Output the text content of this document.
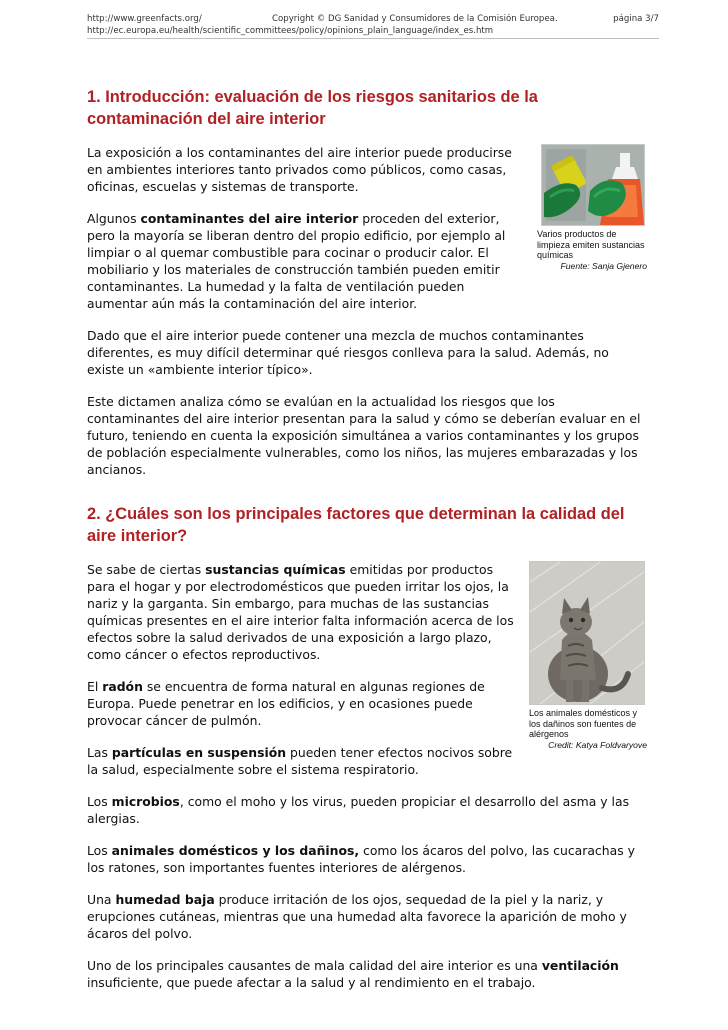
http://www.greenfacts.org/	Copyright © DG Sanidad y Consumidores de la Comisión Europea.	página 3/7
http://ec.europa.eu/health/scientific_committees/policy/opinions_plain_language/index_es.htm
1. Introducción: evaluación de los riesgos sanitarios de la contaminación del aire interior
Varios productos de limpieza emiten sustancias químicas
Fuente: Sanja Gjenero

La exposición a los contaminantes del aire interior puede producirse en ambientes interiores tanto privados como públicos, como casas, oficinas, escuelas y sistemas de transporte.

Algunos contaminantes del aire interior proceden del exterior, pero la mayoría se liberan dentro del propio edificio, por ejemplo al limpiar o al quemar combustible para cocinar o producir calor. El mobiliario y los materiales de construcción también pueden emitir contaminantes. La humedad y la falta de ventilación pueden aumentar aún más la contaminación del aire interior.

Dado que el aire interior puede contener una mezcla de muchos contaminantes diferentes, es muy difícil determinar qué riesgos conlleva para la salud. Además, no existe un «ambiente interior típico».

Este dictamen analiza cómo se evalúan en la actualidad los riesgos que los contaminantes del aire interior presentan para la salud y cómo se deberían evaluar en el futuro, teniendo en cuenta la exposición simultánea a varios contaminantes y los grupos de población especialmente vulnerables, como los niños, las mujeres embarazadas y los ancianos.

2. ¿Cuáles son los principales factores que determinan la calidad del aire interior?
Los animales domésticos y los dañinos son fuentes de alérgenos
Credit: Katya Foldvaryove

Se sabe de ciertas sustancias químicas emitidas por productos para el hogar y por electrodomésticos que pueden irritar los ojos, la nariz y la garganta. Sin embargo, para muchas de las sustancias químicas presentes en el aire interior falta información acerca de los efectos sobre la salud derivados de una exposición a largo plazo, como cáncer o efectos reproductivos.

El radón se encuentra de forma natural en algunas regiones de Europa. Puede penetrar en los edificios, y en ocasiones puede provocar cáncer de pulmón.

Las partículas en suspensión pueden tener efectos nocivos sobre la salud, especialmente sobre el sistema respiratorio.

Los microbios, como el moho y los virus, pueden propiciar el desarrollo del asma y las alergias.

Los animales domésticos y los dañinos, como los ácaros del polvo, las cucarachas y los ratones, son importantes fuentes interiores de alérgenos.

Una humedad baja produce irritación de los ojos, sequedad de la piel y la nariz, y erupciones cutáneas, mientras que una humedad alta favorece la aparición de moho y ácaros del polvo.

Uno de los principales causantes de mala calidad del aire interior es una ventilación insuficiente, que puede afectar a la salud y al rendimiento en el trabajo.
